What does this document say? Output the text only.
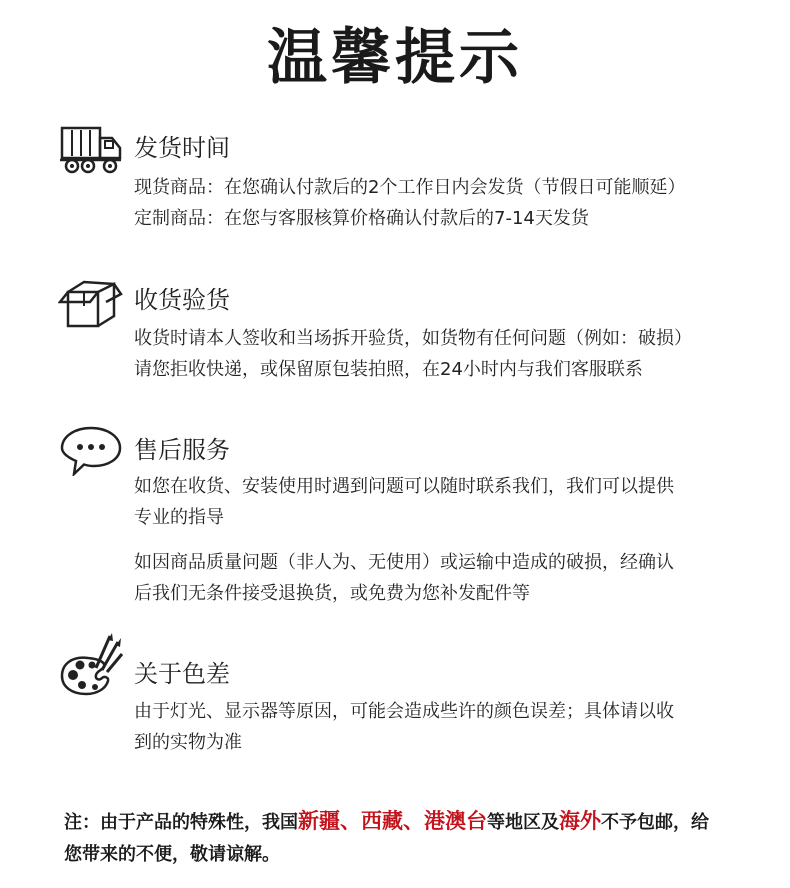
温馨提示
发货时间

现货商品：在您确认付款后的2个工作日内会发货（节假日可能顺延）

定制商品：在您与客服核算价格确认付款后的7-14天发货

收货验货

收货时请本人签收和当场拆开验货，如货物有任何问题（例如：破损）

请您拒收快递，或保留原包装拍照，在24小时内与我们客服联系

售后服务

如您在收货、安装使用时遇到问题可以随时联系我们，我们可以提供

专业的指导

如因商品质量问题（非人为、无使用）或运输中造成的破损，经确认

后我们无条件接受退换货，或免费为您补发配件等

关于色差

由于灯光、显示器等原因，可能会造成些许的颜色误差；具体请以收

到的实物为准

注：由于产品的特殊性，我国新疆、西藏、港澳台等地区及海外不予包邮，给

您带来的不便，敬请谅解。
